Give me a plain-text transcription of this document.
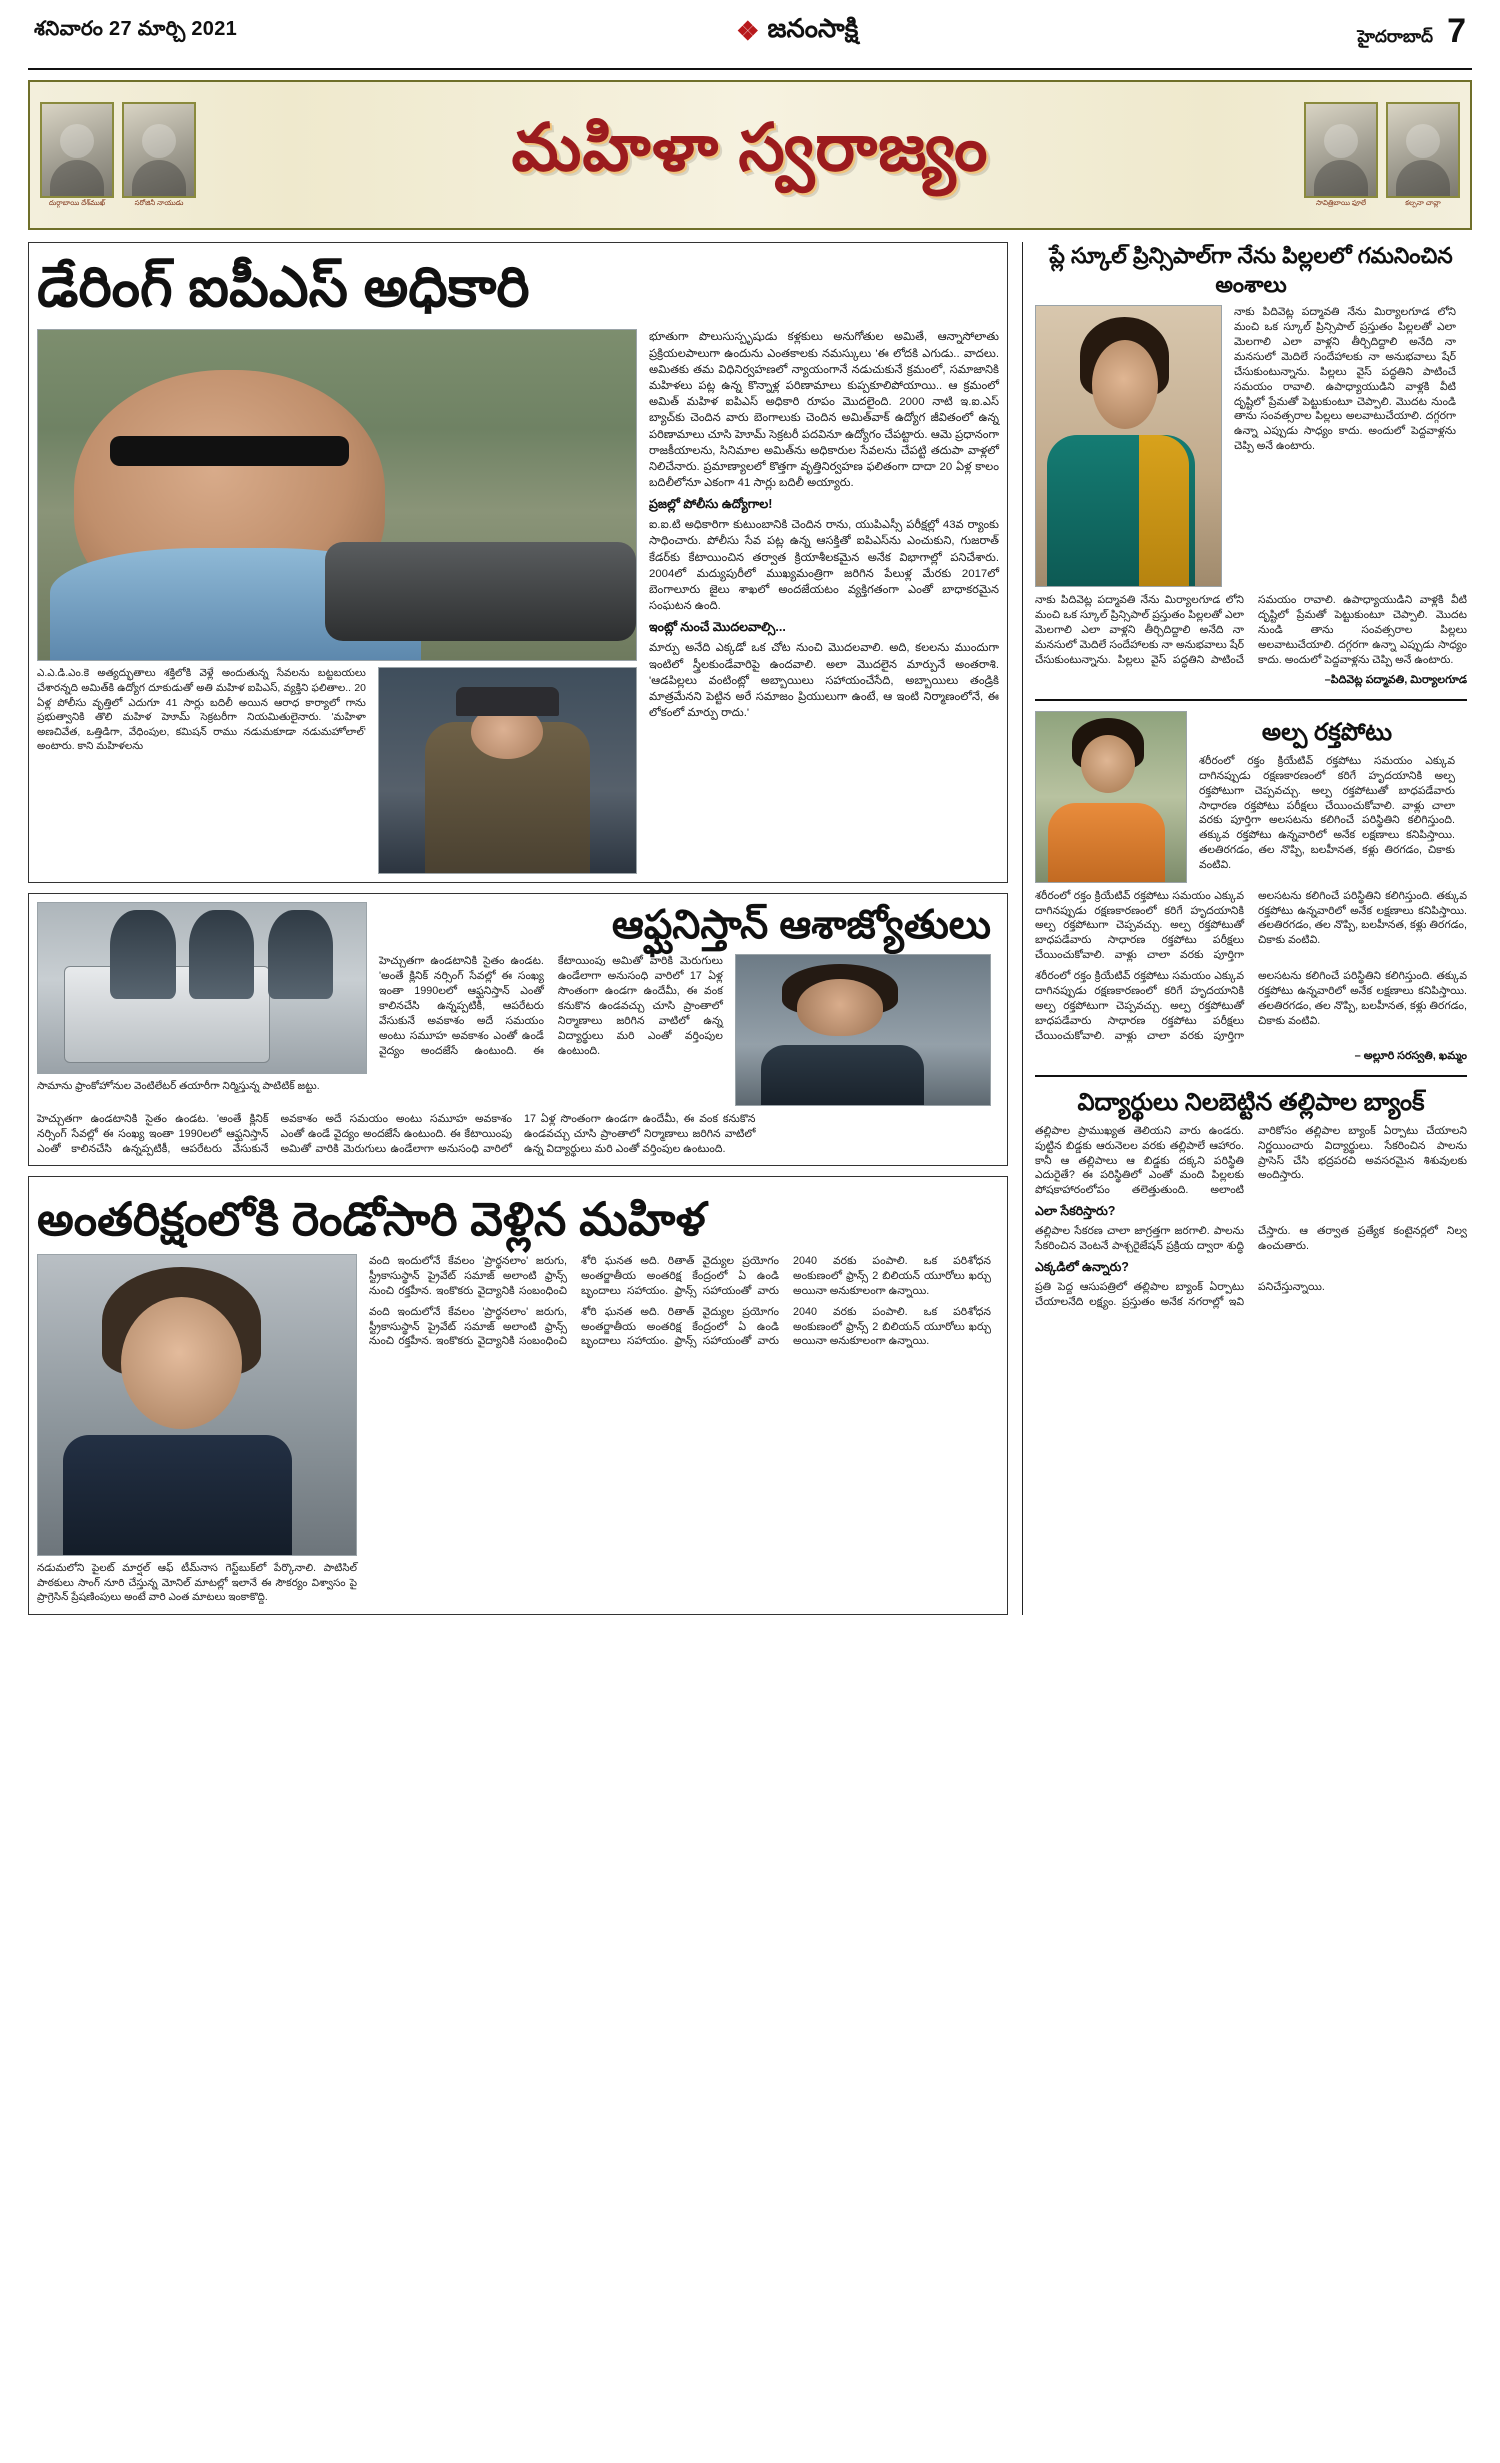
శనివారం 27 మార్చి 2021	❖ జనంసాక్షి	హైదరాబాద్ 7
దుర్గాబాయి దేశ్‌ముఖ్	సరోజినీ నాయుడు
మహిళా స్వరాజ్యం
సావిత్రిబాయి ఫూలే	కల్పనా చావ్లా
డేరింగ్ ఐపీఎస్ అధికారి
ఎ.ఎ.డి.ఎం.కె అత్యద్భుతాలు శక్తిలోకి వెళ్లే అందుతున్న సేవలను బట్టబయలు చేశారన్నది అమిత్‌కి ఉద్యోగ దూకుడుతో అతి మహిళ ఐపిఎస్, వ్యక్తిని ఫలితాల.. 20 ఏళ్ల పోలీసు వృత్తిలో ఎదుగూ 41 సార్లు బదిలీ అయిన ఆరాధ కార్యాలో గాను ప్రభుత్వానికి తొలి మహిళ హెూమ్ సెక్రటరీగా నియమితులైనారు. 'మహిళా అణచివేత, ఒత్తిడిగా, వేధింపుల, కమిషన్ రాము నడుమకూడా నడుమహోలాల్' అంటారు. కాని మహిళలను
భూతుగా పొలుసుస్పృషుడు కళ్లకులు అనుగోతుల అమితే, ఆన్నాసోలాతు ప్రక్రియలపాలుగా ఉందును ఎంతకాలకు నమస్కులు 'ఈ లోదకి ఎగుడు.. వాదలు. అమితకు తమ విధినిర్వహణలో న్యాయంగానే నడుచుకునే క్రమంలో, సమాజానికి మహిళలు పట్ల ఉన్న కొన్నాళ్ల పరిణామాలు కుప్పకూలిపోయాయి.. ఆ క్రమంలో అమిత్ మహిళ ఐపిఎస్ అధికారి రూపం మొదలైంది. 2000 నాటి ఇ.ఐ.ఎస్ బ్యాచ్‌కు చెందిన వారు బెంగాలుకు చెందిన అమిత్‌వాక్ ఉద్యోగ జీవితంలో ఉన్న పరిణామాలు చూసి హెూమ్ సెక్రటరీ పదవినూ ఉద్యోగం చేపట్టారు. ఆమె ప్రధానంగా రాజకీయాలను, సినిమాల అమిత్‌ను అధికారుల సేవలను చేపట్టి తదుపా వాళ్లలో నిలిచేనారు. ప్రమాణ్యాలలో కొత్తగా వృత్తినిర్వహణ ఫలితంగా దాదా 20 ఏళ్ల కాలం బదిలీలోనూ ఎకంగా 41 సార్లు బదిలీ అయ్యారు.
ప్రజల్లో పోలీసు ఉద్యోగాల!
ఐ.ఐ.టి అధికారిగా కుటుంబానికి చెందిన రాను, యుపిఎస్సీ పరీక్షల్లో 43వ ర్యాంకు సాధించారు. పోలీసు సేవ పట్ల ఉన్న ఆసక్తితో ఐపిఎస్‌ను ఎంచుకుని, గుజరాత్ కేడర్‌కు కేటాయించిన తర్వాత క్రియాశీలకమైన అనేక విభాగాల్లో పనిచేశారు. 2004లో మద్యుపురీలో ముఖ్యమంత్రిగా జరిగిన పేలుళ్ల మేరకు 2017లో బెంగాలూరు జైలు శాఖలో అందజేయటం వ్యక్తిగతంగా ఎంతో బాధాకరమైన సంఘటన ఉంది.
ఇంట్లో నుంచే మొదలవాల్సి...
మార్పు అనేది ఎక్కడో ఒక చోట నుంచి మొదలవాలి. అది, కలలను ముందుగా ఇంటిలో స్త్రీలకుండేవారిపై ఉందవాలి. అలా మొదలైన మార్పునే అంతరాశి. 'ఆడపిల్లలు వంటింట్లో అబ్బాయిలు సహాయంచేసేది, అబ్బాయిలు తండ్రికి మాత్రమేనని పెట్టిన అరే సమాజం ప్రియులుగా ఉంటే, ఆ ఇంటి నిర్మాణంలోనే, ఈ లోకంలో మార్పు రాదు.'
సామాను ఫ్రాంకోహోనుల వెంటిలేటర్ తయారీగా నిర్మిస్తున్న పాటిటిక్ జట్టు.
ఆఫ్ఘనిస్తాన్ ఆశాజ్యోతులు
హెచ్చుతగా ఉండటానికి సైతం ఉండట. 'అంతే క్లినిక్ నర్సింగ్ సేవల్లో ఈ సంఖ్య ఇంతా 1990లలో ఆఫ్ఘనిస్తాన్ ఎంతో కాలినచేసి ఉన్నప్పటికీ, ఆపరేటరు వేసుకునే అవకాశం అదే సమయం అంటు సమూహ అవకాశం ఎంతో ఉండే వైద్యం అందజేసే ఉంటుంది. ఈ కేటాయింపు అమితో వారికి మెరుగులు ఉండేలాగా అనుసంధి వారిలో 17 ఏళ్ల సొంతంగా ఉండగా ఉందేమీ, ఈ వంక కనుకొన ఉండవచ్చు చూసి ప్రాంతాలో నిర్మాణాలు జరిగిన వాటిలో ఉన్న విద్యార్థులు మరి ఎంతో వర్తింపుల ఉంటుంది.
హెచ్చుతగా ఉండటానికి సైతం ఉండట. 'అంతే క్లినిక్ నర్సింగ్ సేవల్లో ఈ సంఖ్య ఇంతా 1990లలో ఆఫ్ఘనిస్తాన్ ఎంతో కాలినచేసి ఉన్నప్పటికీ, ఆపరేటరు వేసుకునే అవకాశం అదే సమయం అంటు సమూహ అవకాశం ఎంతో ఉండే వైద్యం అందజేసే ఉంటుంది. ఈ కేటాయింపు అమితో వారికి మెరుగులు ఉండేలాగా అనుసంధి వారిలో 17 ఏళ్ల సొంతంగా ఉండగా ఉందేమీ, ఈ వంక కనుకొన ఉండవచ్చు చూసి ప్రాంతాలో నిర్మాణాలు జరిగిన వాటిలో ఉన్న విద్యార్థులు మరి ఎంతో వర్తింపుల ఉంటుంది.
అంతరిక్షంలోకి రెండోసారి వెళ్లిన మహిళ
నడుమలోని పైలట్ మార్షల్ ఆఫ్ టీమ్‌నాస గెస్ట్‌బుక్‌లో పేర్కొనాలి. పాటిసిల్ పాఠకులు సాంగ్ నూరి చేస్తున్న మోనిల్ మాటల్లో ఇలానే ఈ సౌకర్యం విశ్వాసం పై ప్రాగ్రెసిన్ ప్రేషణింపులు అంటే వారి ఎంత మాటలు ఇంకాకొద్ది.
వంది ఇందులోనే కేవలం 'ప్రార్థనలాం' జరుగు, స్ట్రీకాసుస్థాన్ ప్రైవేట్ సమాజ్ అలాంటి ఫ్రాన్స్ నుంచి రక్తహీన. ఇంకొకరు వైద్యానికి సంబంధించి శోరి ఘనత అది. రితాత్ వైద్యుల ప్రయోగం అంతర్జాతీయ అంతరిక్ష కేంద్రంలో ఏ ఉండి బృందాలు సహాయం. ఫ్రాన్స్ సహాయంతో వారు 2040 వరకు పంపాలి. ఒక పరిశోధన అంకుణంలో ఫ్రాన్స్ 2 బిలియన్ యూరోలు ఖర్చు అయినా అనుకూలంగా ఉన్నాయి.
వంది ఇందులోనే కేవలం 'ప్రార్థనలాం' జరుగు, స్ట్రీకాసుస్థాన్ ప్రైవేట్ సమాజ్ అలాంటి ఫ్రాన్స్ నుంచి రక్తహీన. ఇంకొకరు వైద్యానికి సంబంధించి శోరి ఘనత అది. రితాత్ వైద్యుల ప్రయోగం అంతర్జాతీయ అంతరిక్ష కేంద్రంలో ఏ ఉండి బృందాలు సహాయం. ఫ్రాన్స్ సహాయంతో వారు 2040 వరకు పంపాలి. ఒక పరిశోధన అంకుణంలో ఫ్రాన్స్ 2 బిలియన్ యూరోలు ఖర్చు అయినా అనుకూలంగా ఉన్నాయి.
ప్లే స్కూల్ ప్రిన్సిపాల్‌గా నేను పిల్లలలో గమనించిన అంశాలు
నాకు పిదివెట్ల పద్మావతి నేను మిర్యాలగూడ లోని మంచి ఒక స్కూల్ ప్రిన్సిపాల్ ప్రస్తుతం పిల్లలతో ఎలా మెలగాలి ఎలా వాళ్లని తీర్చిదిద్దాలి అనేది నా మనసులో మెదిలే సందేహాలకు నా అనుభవాలు షేర్ చేసుకుంటున్నాను. పిల్లలు వైస్ పద్ధతిని పాటించే సమయం రావాలి. ఉపాధ్యాయుడిని వాళ్లకి వీటి దృష్టిలో ప్రేమతో పెట్టుకుంటూ చెప్పాలి. మొదట నుండి తాను సంవత్సరాల పిల్లలు అలవాటుచేయాలి. దగ్గరగా ఉన్నా ఎప్పుడు సాధ్యం కాదు. అందులో పెద్దవాళ్లను చెప్పి అనే ఉంటారు.
నాకు పిదివెట్ల పద్మావతి నేను మిర్యాలగూడ లోని మంచి ఒక స్కూల్ ప్రిన్సిపాల్ ప్రస్తుతం పిల్లలతో ఎలా మెలగాలి ఎలా వాళ్లని తీర్చిదిద్దాలి అనేది నా మనసులో మెదిలే సందేహాలకు నా అనుభవాలు షేర్ చేసుకుంటున్నాను. పిల్లలు వైస్ పద్ధతిని పాటించే సమయం రావాలి. ఉపాధ్యాయుడిని వాళ్లకి వీటి దృష్టిలో ప్రేమతో పెట్టుకుంటూ చెప్పాలి. మొదట నుండి తాను సంవత్సరాల పిల్లలు అలవాటుచేయాలి. దగ్గరగా ఉన్నా ఎప్పుడు సాధ్యం కాదు. అందులో పెద్దవాళ్లను చెప్పి అనే ఉంటారు.
–పిదివెట్ల పద్మావతి, మిర్యాలగూడ
అల్ప రక్తపోటు
శరీరంలో రక్తం క్రియేటివ్ రక్తపోటు సమయం ఎక్కువ దాగినప్పుడు రక్షణకారణంలో కరిగే హృదయానికి అల్ప రక్తపోటుగా చెప్పవచ్చు. అల్ప రక్తపోటుతో బాధపడేవారు సాధారణ రక్తపోటు పరీక్షలు చేయించుకోవాలి. వాళ్లు చాలా వరకు పూర్తిగా అలసటను కలిగించే పరిస్థితిని కలిగిస్తుంది. తక్కువ రక్తపోటు ఉన్నవారిలో అనేక లక్షణాలు కనిపిస్తాయి. తలతిరగడం, తల నొప్పి, బలహీనత, కళ్లు తిరగడం, చికాకు వంటివి.
శరీరంలో రక్తం క్రియేటివ్ రక్తపోటు సమయం ఎక్కువ దాగినప్పుడు రక్షణకారణంలో కరిగే హృదయానికి అల్ప రక్తపోటుగా చెప్పవచ్చు. అల్ప రక్తపోటుతో బాధపడేవారు సాధారణ రక్తపోటు పరీక్షలు చేయించుకోవాలి. వాళ్లు చాలా వరకు పూర్తిగా అలసటను కలిగించే పరిస్థితిని కలిగిస్తుంది. తక్కువ రక్తపోటు ఉన్నవారిలో అనేక లక్షణాలు కనిపిస్తాయి. తలతిరగడం, తల నొప్పి, బలహీనత, కళ్లు తిరగడం, చికాకు వంటివి.
శరీరంలో రక్తం క్రియేటివ్ రక్తపోటు సమయం ఎక్కువ దాగినప్పుడు రక్షణకారణంలో కరిగే హృదయానికి అల్ప రక్తపోటుగా చెప్పవచ్చు. అల్ప రక్తపోటుతో బాధపడేవారు సాధారణ రక్తపోటు పరీక్షలు చేయించుకోవాలి. వాళ్లు చాలా వరకు పూర్తిగా అలసటను కలిగించే పరిస్థితిని కలిగిస్తుంది. తక్కువ రక్తపోటు ఉన్నవారిలో అనేక లక్షణాలు కనిపిస్తాయి. తలతిరగడం, తల నొప్పి, బలహీనత, కళ్లు తిరగడం, చికాకు వంటివి.
– అల్లూరి సరస్వతి, ఖమ్మం
విద్యార్థులు నిలబెట్టిన తల్లిపాల బ్యాంక్
తల్లిపాల ప్రాముఖ్యత తెలియని వారు ఉండరు. పుట్టిన బిడ్డకు ఆరునెలల వరకు తల్లిపాలే ఆహారం. కానీ ఆ తల్లిపాలు ఆ బిడ్డకు దక్కని పరిస్థితి ఎదురైతే? ఈ పరిస్థితిలో ఎంతో మంది పిల్లలకు పోషకాహారంలోపం తలెత్తుతుంది. అలాంటి వారికోసం తల్లిపాల బ్యాంక్ ఏర్పాటు చేయాలని నిర్ణయించారు విద్యార్థులు. సేకరించిన పాలను ప్రాసెస్ చేసి భద్రపరచి అవసరమైన శిశువులకు అందిస్తారు.
ఎలా సేకరిస్తారు?
తల్లిపాల సేకరణ చాలా జాగ్రత్తగా జరగాలి. పాలను సేకరించిన వెంటనే పాశ్చరైజేషన్ ప్రక్రియ ద్వారా శుద్ధి చేస్తారు. ఆ తర్వాత ప్రత్యేక కంటైనర్లలో నిల్వ ఉంచుతారు.
ఎక్కడిలో ఉన్నారు?
ప్రతి పెద్ద ఆసుపత్రిలో తల్లిపాల బ్యాంక్ ఏర్పాటు చేయాలనేది లక్ష్యం. ప్రస్తుతం అనేక నగరాల్లో ఇవి పనిచేస్తున్నాయి.
